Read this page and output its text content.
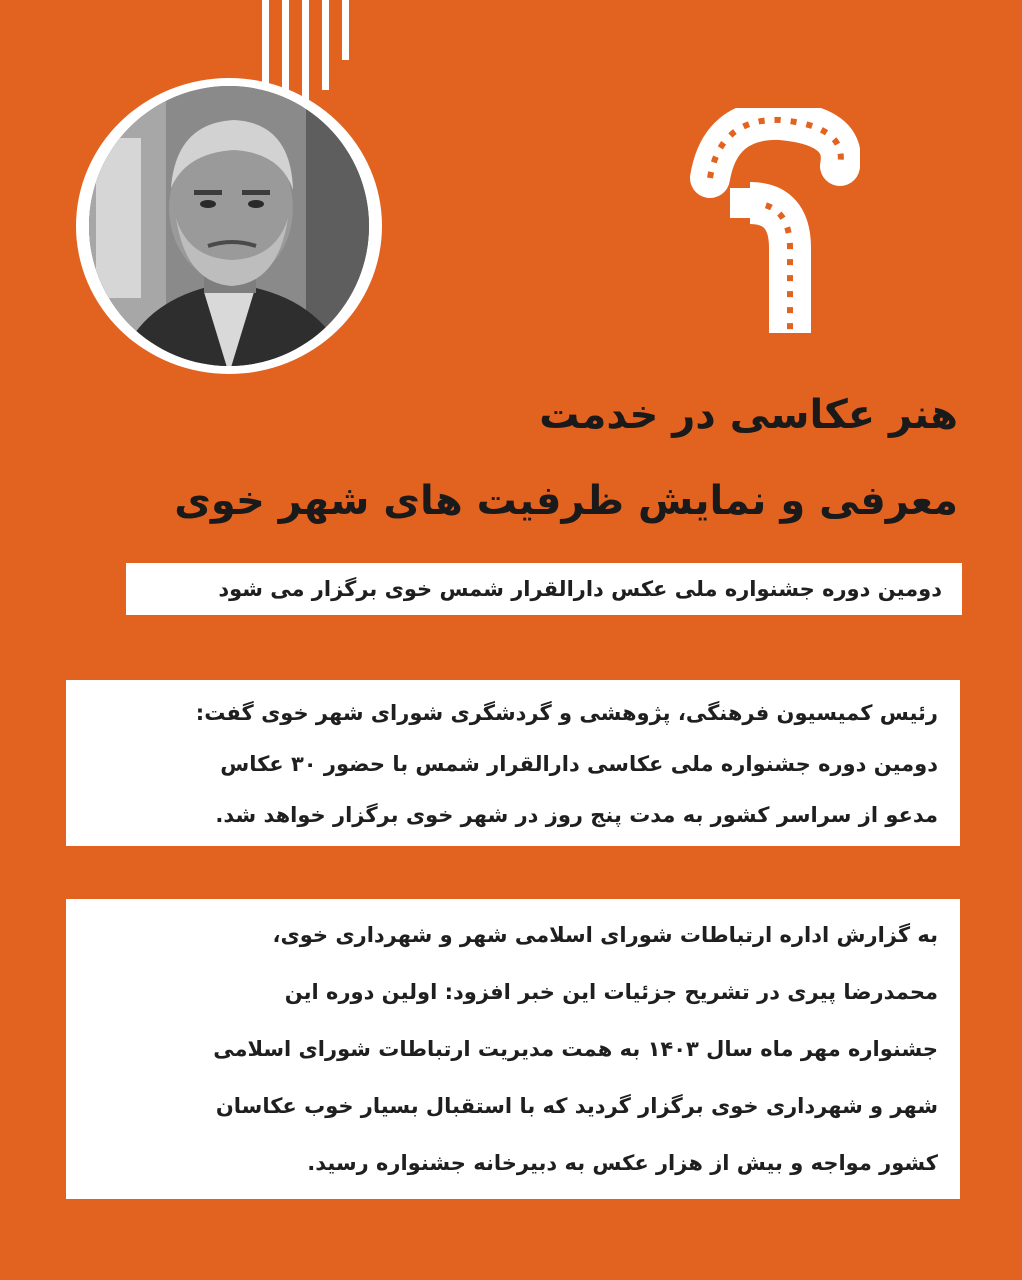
هنر عکاسی در خدمت
معرفی و نمایش ظرفیت های شهر خوی

دومین دوره جشنواره ملی عکس دارالقرار شمس خوی برگزار می شود

رئیس کمیسیون فرهنگی، پژوهشی و گردشگری شورای شهر خوی گفت:

دومین دوره جشنواره ملی عکاسی دارالقرار شمس با حضور ۳۰ عکاس

مدعو از سراسر کشور به مدت پنج روز در شهر خوی برگزار خواهد شد.

به گزارش اداره ارتباطات شورای اسلامی شهر و شهرداری خوی،

محمدرضا پیری در تشریح جزئیات این خبر افزود: اولین دوره این

جشنواره مهر ماه سال ۱۴۰۳ به همت مدیریت ارتباطات شورای اسلامی

شهر و شهرداری خوی برگزار گردید که با استقبال بسیار خوب عکاسان

کشور مواجه و بیش از هزار عکس به دبیرخانه جشنواره رسید.
